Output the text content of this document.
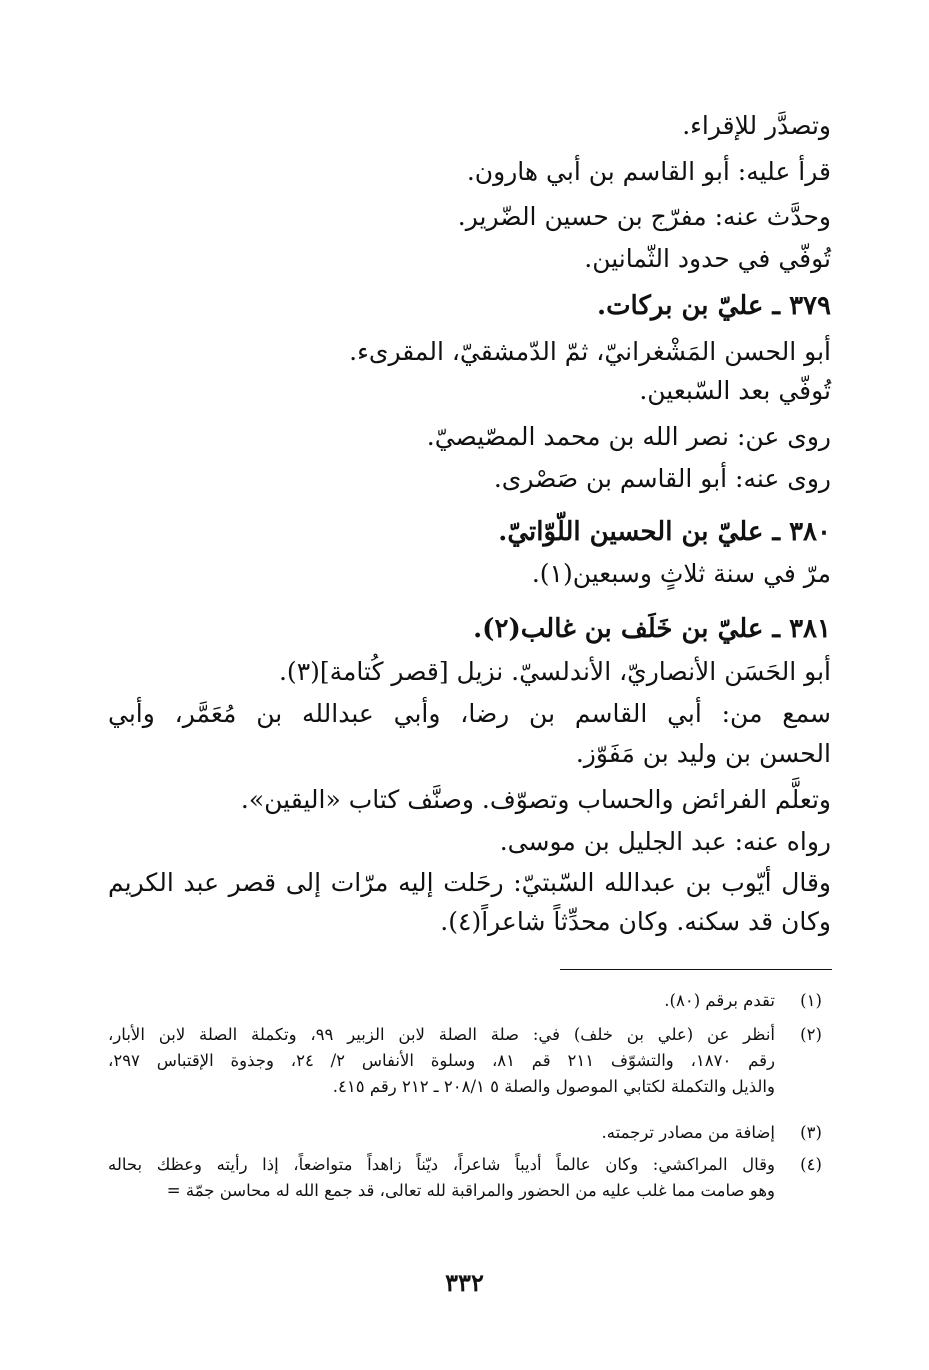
وتصدَّر للإقراء.
قرأ عليه: أبو القاسم بن أبي هارون.
وحدَّث عنه: مفرّج بن حسين الضّرير.
تُوفّي في حدود الثّمانين.
٣٧٩ ـ عليّ بن بركات.
أبو الحسن المَشْغرانيّ، ثمّ الدّمشقيّ، المقرىء.
تُوفّي بعد السّبعين.
روى عن: نصر الله بن محمد المصّيصيّ.
روى عنه: أبو القاسم بن صَصْرى.
٣٨٠ ـ عليّ بن الحسين اللّوّاتيّ.
مرّ في سنة ثلاثٍ وسبعين(١).
٣٨١ ـ عليّ بن خَلَف بن غالب(٢).
أبو الحَسَن الأنصاريّ، الأندلسيّ. نزيل [قصر كُتامة](٣).
سمع من: أبي القاسم بن رضا، وأبي عبدالله بن مُعَمَّر، وأبي
الحسن بن وليد بن مَفَوّز.
وتعلَّم الفرائض والحساب وتصوّف. وصنَّف كتاب «اليقين».
رواه عنه: عبد الجليل بن موسى.
وقال أيّوب بن عبدالله السّبتيّ: رحَلت إليه مرّات إلى قصر عبد الكريم
وكان قد سكنه. وكان محدِّثاً شاعراً(٤).
(١)
تقدم برقم (٨٠).
(٢)
أنظر عن (علي بن خلف) في: صلة الصلة لابن الزبير ٩٩، وتكملة الصلة لابن الأبار،
رقم ١٨٧٠، والتشوّف ٢١١ قم ٨١، وسلوة الأنفاس ٢/ ٢٤، وجذوة الإقتباس ٢٩٧،
والذيل والتكملة لكتابي الموصول والصلة ٥ ٢٠٨/١ ـ ٢١٢ رقم ٤١٥.
(٣)
إضافة من مصادر ترجمته.
(٤)
وقال المراكشي: وكان عالماً أديباً شاعراً، ديّناً زاهداً متواضعاً، إذا رأيته وعظك بحاله
وهو صامت مما غلب عليه من الحضور والمراقبة لله تعالى، قد جمع الله له محاسن جمّة =
٣٣٢
